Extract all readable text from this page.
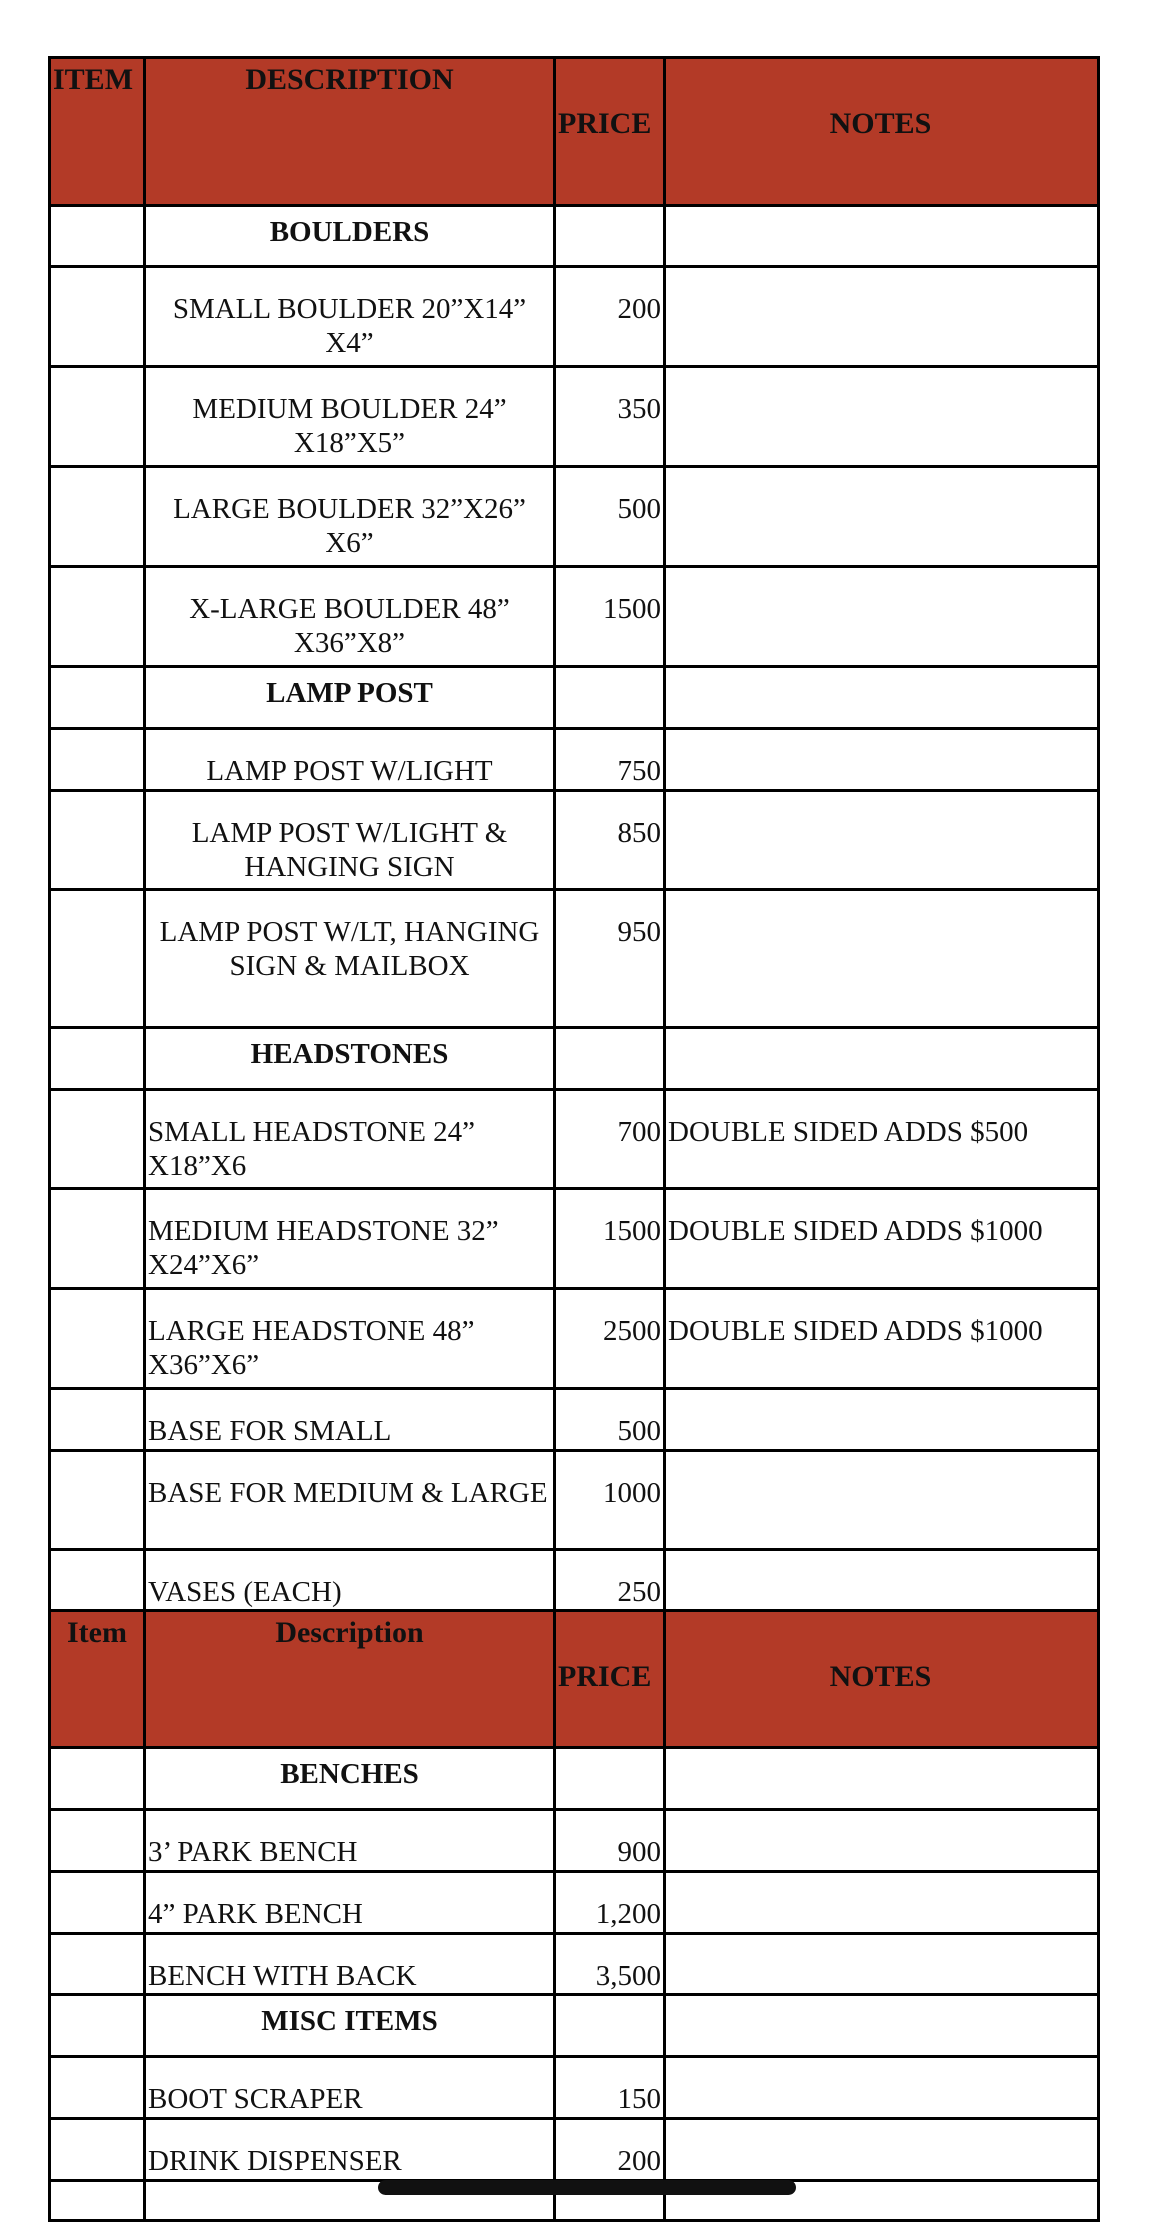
ITEM	DESCRIPTION	PRICE	NOTES
	BOULDERS		
	SMALL BOULDER 20”X14” X4”	200	
	MEDIUM BOULDER 24” X18”X5”	350	
	LARGE BOULDER 32”X26” X6”	500	
	X-LARGE BOULDER 48” X36”X8”	1500	
	LAMP POST		
	LAMP POST W/LIGHT	750	
	LAMP POST W/LIGHT & HANGING SIGN	850	
	LAMP POST W/LT, HANGING SIGN & MAILBOX	950	
	HEADSTONES		
	SMALL HEADSTONE 24” X18”X6	700	DOUBLE SIDED ADDS $500
	MEDIUM HEADSTONE 32” X24”X6”	1500	DOUBLE SIDED ADDS $1000
	LARGE HEADSTONE 48” X36”X6”	2500	DOUBLE SIDED ADDS $1000
	BASE FOR SMALL	500	
	BASE FOR MEDIUM & LARGE	1000	
	VASES (EACH)	250	
Item	Description	PRICE	NOTES
	BENCHES		
	3’ PARK BENCH	900	
	4” PARK BENCH	1,200	
	BENCH WITH BACK	3,500	
	MISC ITEMS		
	BOOT SCRAPER	150	
	DRINK DISPENSER	200	
